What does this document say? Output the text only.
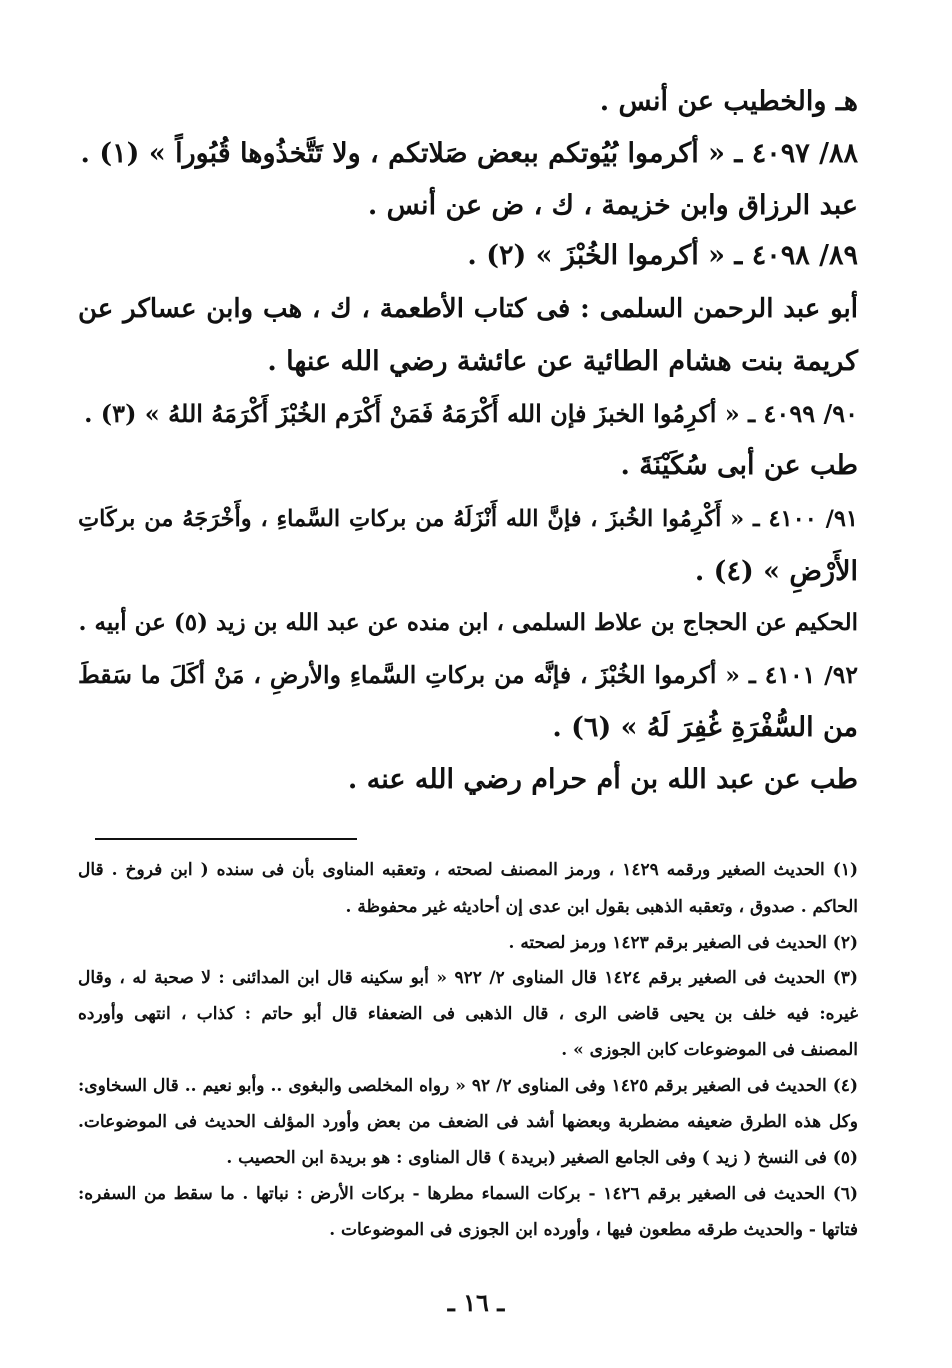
هـ والخطيب عن أنس .
٨٨/ ٤٠٩٧ ـ « أكرموا بُيُوتكم ببعض صَلاتكم ، ولا تَتَّخذُوها قُبُوراً » (١) .
عبد الرزاق وابن خزيمة ، ك ، ض عن أنس .
٨٩/ ٤٠٩٨ ـ « أكرموا الخُبْزَ » (٢) .
أبو عبد الرحمن السلمى : فى كتاب الأطعمة ، ك ، هب وابن عساكر عن
كريمة بنت هشام الطائية عن عائشة رضي الله عنها .
٩٠/ ٤٠٩٩ ـ « أكرِمُوا الخبزَ فإن الله أَكْرَمَهُ فَمَنْ أَكْرَم الخُبْزَ أَكْرَمَهُ اللهُ » (٣) .
طب عن أبى سُكَيْنَةَ .
٩١/ ٤١٠٠ ـ « أَكْرِمُوا الخُبزَ ، فإنَّ الله أَنْزَلَهُ من بركاتِ السَّماءِ ، وأَخْرَجَهُ من بركَاتِ
الأَرْضِ » (٤) .
الحكيم عن الحجاج بن علاط السلمى ، ابن منده عن عبد الله بن زيد (٥) عن أبيه .
٩٢/ ٤١٠١ ـ « أكرموا الخُبْزَ ، فإنَّه من بركاتِ السَّماءِ والأرضِ ، مَنْ أكَلَ ما سَقطَ
من السُّفْرَةِ غُفِرَ لَهُ » (٦) .
طب عن عبد الله بن أم حرام رضي الله عنه .
(١) الحديث الصغير ورقمه ١٤٢٩ ، ورمز المصنف لصحته ، وتعقبه المناوى بأن فى سنده ( ابن فروخ . قال
الحاكم . صدوق ، وتعقبه الذهبى بقول ابن عدى إن أحاديثه غير محفوظة .
(٢) الحديث فى الصغير برقم ١٤٢٣ ورمز لصحته .
(٣) الحديث فى الصغير برقم ١٤٢٤ قال المناوى ٢/ ٩٢٢ « أبو سكينه قال ابن المدائنى : لا صحبة له ، وقال
غيره: فيه خلف بن يحيى قاضى الرى ، قال الذهبى فى الضعفاء قال أبو حاتم : كذاب ، انتهى وأورده
المصنف فى الموضوعات كابن الجوزى » .
(٤) الحديث فى الصغير برقم ١٤٢٥ وفى المناوى ٢/ ٩٢ « رواه المخلصى والبغوى .. وأبو نعيم .. قال السخاوى:
وكل هذه الطرق ضعيفه مضطربة وبعضها أشد فى الضعف من بعض وأورد المؤلف الحديث فى الموضوعات.
(٥) فى النسخ ( زيد ) وفى الجامع الصغير (بريدة ) قال المناوى : هو بريدة ابن الحصيب .
(٦) الحديث فى الصغير برقم ١٤٢٦ - بركات السماء مطرها - بركات الأرض : نباتها . ما سقط من السفره:
فتاتها - والحديث طرقه مطعون فيها ، وأورده ابن الجوزى فى الموضوعات .
ـ ١٦ ـ
